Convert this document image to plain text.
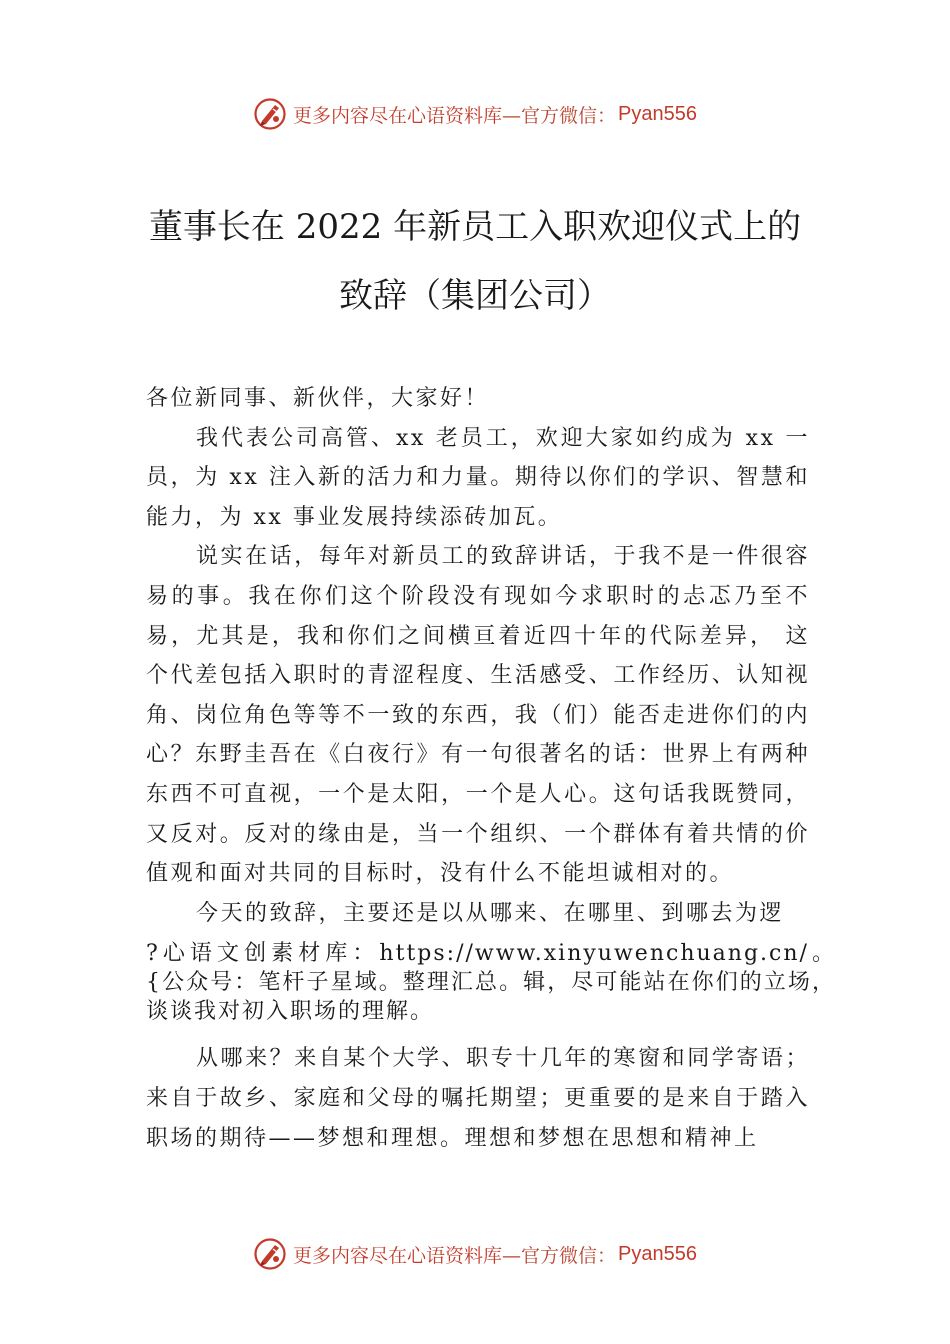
更多内容尽在心语资料库 —官方微信： Pyan556
董事长在 2022 年新员工入职欢迎仪式上的
致辞（集团公司）

各位新同事、新伙伴，大家好！

我代表公司高管、xx 老员工，欢迎大家如约成为 xx 一员，为 xx 注入新的活力和力量。期待以你们的学识、智慧和能力，为 xx 事业发展持续添砖加瓦。

说实在话，每年对新员工的致辞讲话，于我不是一件很容易的事。我在你们这个阶段没有现如今求职时的忐忑乃至不易，尤其是，我和你们之间横亘着近四十年的代际差异， 这个代差包括入职时的青涩程度、生活感受、工作经历、认知视角、岗位角色等等不一致的东西，我（们）能否走进你们的内心？东野圭吾在《白夜行》有一句很著名的话：世界上有两种东西不可直视，一个是太阳，一个是人心。这句话我既赞同，又反对。反对的缘由是，当一个组织、一个群体有着共情的价值观和面对共同的目标时，没有什么不能坦诚相对的。

今天的致辞，主要还是以从哪来、在哪里、到哪去为逻

?心语文创素材库：https://www.xinyuwenchuang.cn/。{公众号：笔杆子星域。整理汇总。辑，尽可能站在你们的立场，谈谈我对初入职场的理解。

从哪来？来自某个大学、职专十几年的寒窗和同学寄语；来自于故乡、家庭和父母的嘱托期望；更重要的是来自于踏入职场的期待——梦想和理想。理想和梦想在思想和精神上

更多内容尽在心语资料库 —官方微信： Pyan556
